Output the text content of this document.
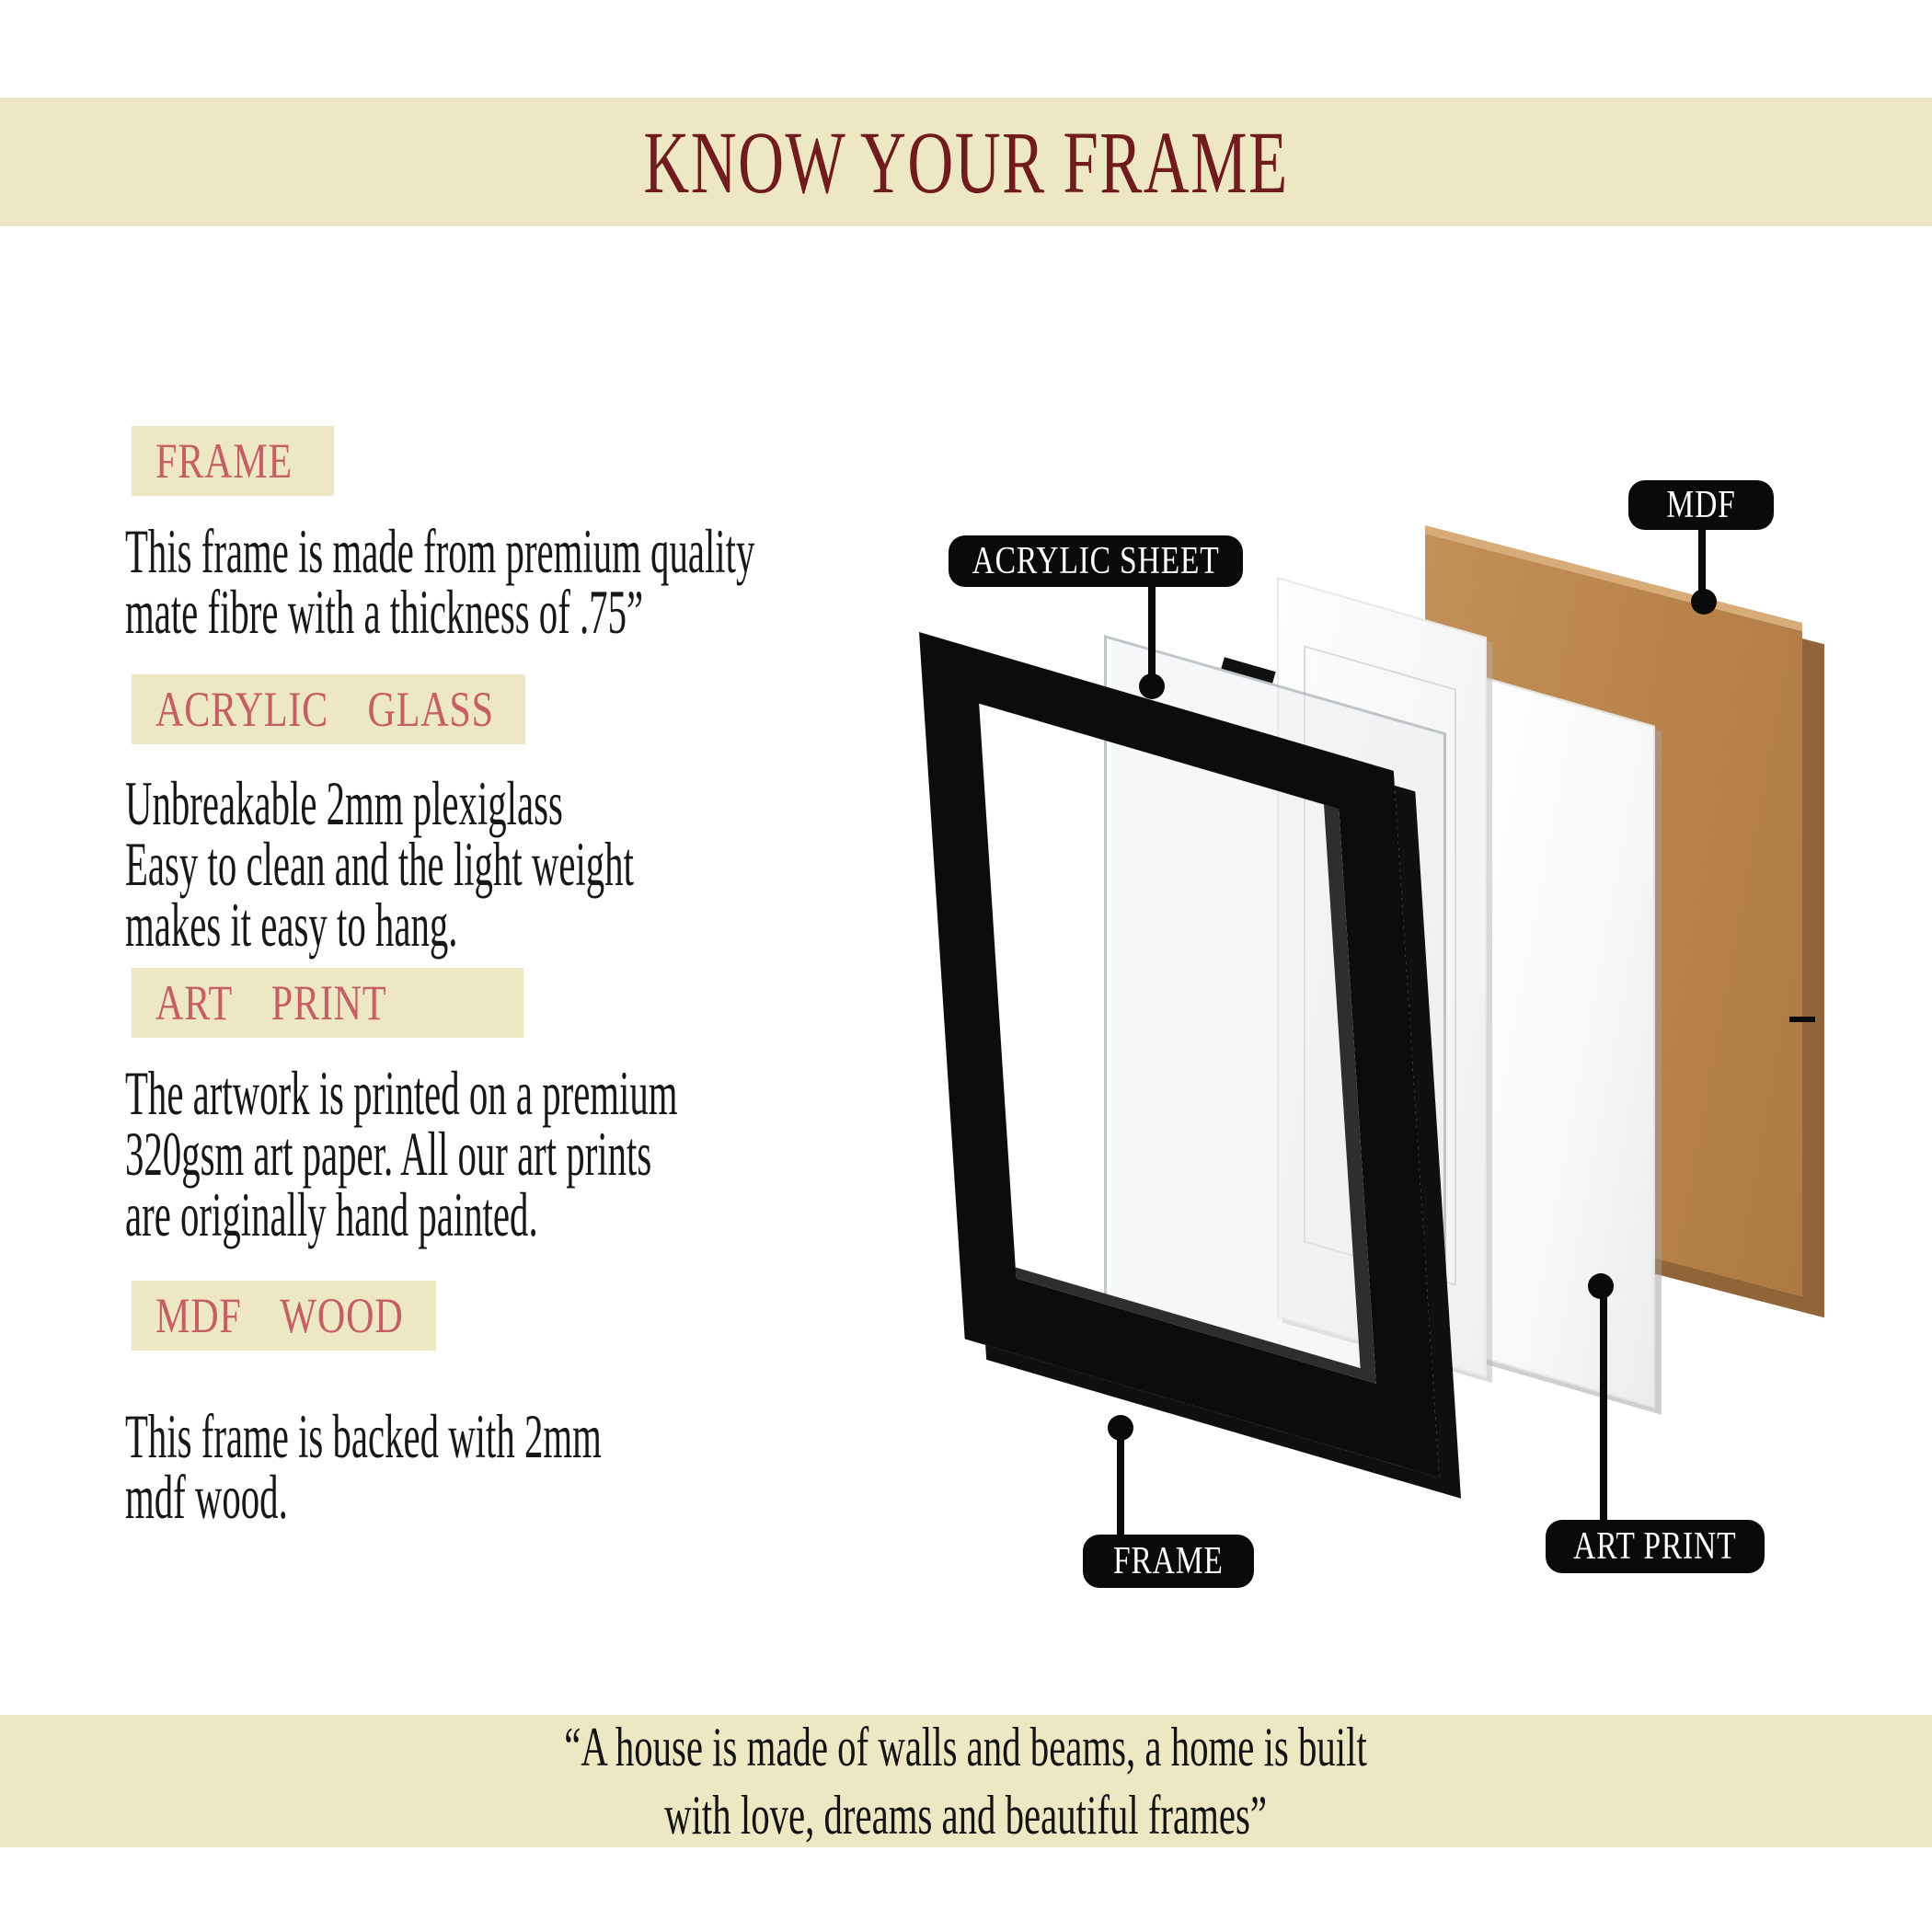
KNOW YOUR FRAME
FRAME
This frame is made from premium quality
mate fibre with a thickness of .75”
ACRYLIC GLASS
Unbreakable 2mm plexiglass
Easy to clean and the light weight
makes it easy to hang.
ART PRINT
The artwork is printed on a premium
320gsm art paper. All our art prints
are originally hand painted.
MDF WOOD
This frame is backed with 2mm
mdf wood.
ACRYLIC SHEET
MDF
FRAME	ART PRINT
“A house is made of walls and beams, a home is built
with love, dreams and beautiful frames”
